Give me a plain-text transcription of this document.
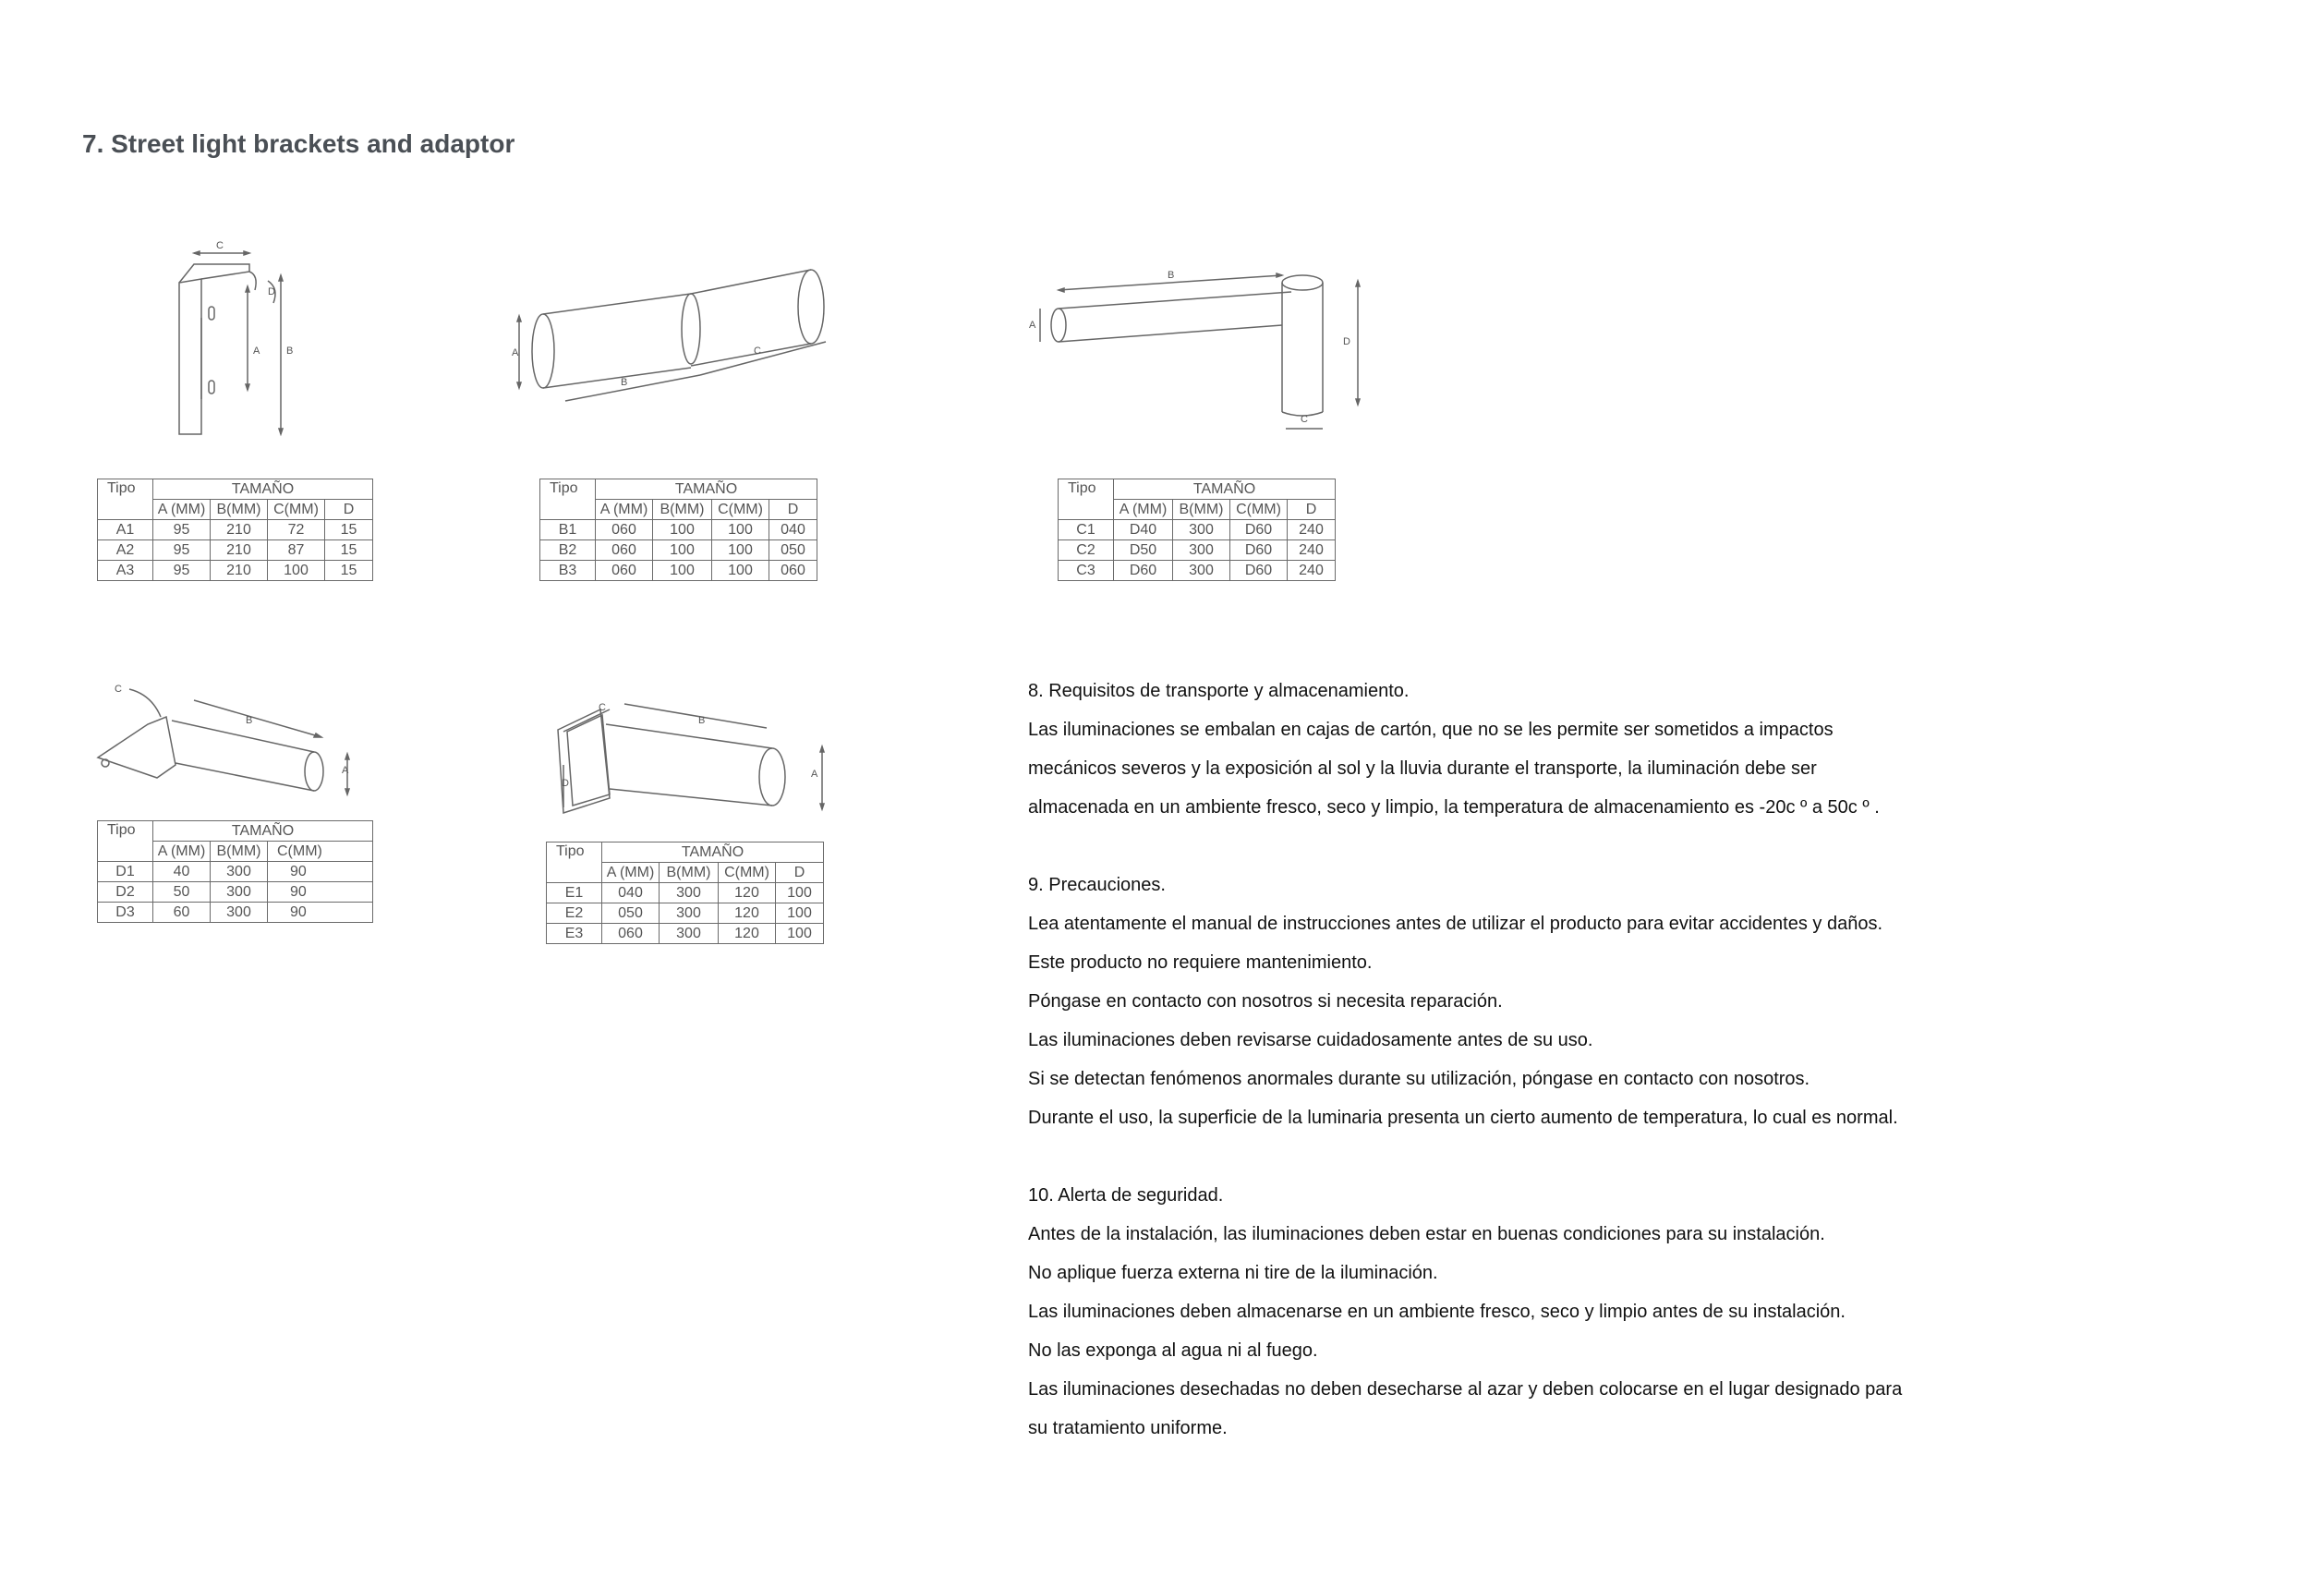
7. Street light brackets and adaptor
C
A	B
D
A
B
C
B
A
D
C
C
B
A
C
B
D
A
Tipo	TAMAÑO			
	A (MM)	B(MM)	C(MM)	D
A1	95	210	72	15
A2	95	210	87	15
A3	95	210	100	15
Tipo	TAMAÑO			
	A (MM)	B(MM)	C(MM)	D
B1	060	100	100	040
B2	060	100	100	050
B3	060	100	100	060
Tipo	TAMAÑO			
	A (MM)	B(MM)	C(MM)	D
C1	D40	300	D60	240
C2	D50	300	D60	240
C3	D60	300	D60	240
Tipo	TAMAÑO		
	A (MM)	B(MM)	C(MM)
D1	40	300	90
D2	50	300	90
D3	60	300	90
Tipo	TAMAÑO			
	A (MM)	B(MM)	C(MM)	D
E1	040	300	120	100
E2	050	300	120	100
E3	060	300	120	100

8. Requisitos de transporte y almacenamiento.

Las iluminaciones se embalan en cajas de cartón, que no se les permite ser sometidos a impactos

mecánicos severos y la exposición al sol y la lluvia durante el transporte, la iluminación debe ser

almacenada en un ambiente fresco, seco y limpio, la temperatura de almacenamiento es -20c º a 50c º .

9. Precauciones.

Lea atentamente el manual de instrucciones antes de utilizar el producto para evitar accidentes y daños.

Este producto no requiere mantenimiento.

Póngase en contacto con nosotros si necesita reparación.

Las iluminaciones deben revisarse cuidadosamente antes de su uso.

Si se detectan fenómenos anormales durante su utilización, póngase en contacto con nosotros.

Durante el uso, la superficie de la luminaria presenta un cierto aumento de temperatura, lo cual es normal.

10. Alerta de seguridad.

Antes de la instalación, las iluminaciones deben estar en buenas condiciones para su instalación.

No aplique fuerza externa ni tire de la iluminación.

Las iluminaciones deben almacenarse en un ambiente fresco, seco y limpio antes de su instalación.

No las exponga al agua ni al fuego.

Las iluminaciones desechadas no deben desecharse al azar y deben colocarse en el lugar designado para

su tratamiento uniforme.
